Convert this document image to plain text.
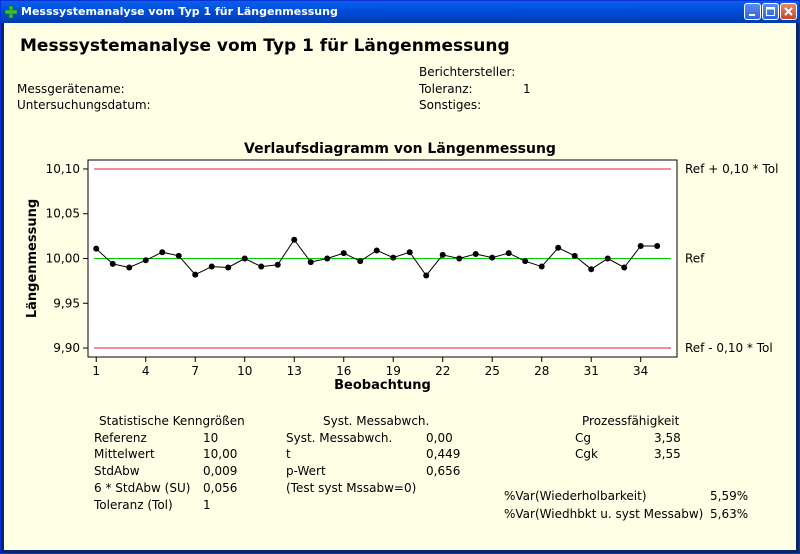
Messsystemanalyse vom Typ 1 für Längenmessung
Messsystemanalyse vom Typ 1 für Längenmessung
Berichtersteller:
Messgerätename:	Toleranz:	1
Untersuchungsdatum:	Sonstiges:
Verlaufsdiagramm von Längenmessung
Ref + 0,10 * Tol
Ref
Ref - 0,10 * Tol
9,90
9,95
10,00
10,05
10,10
1	4	7	10	13	16	19	22	25	28	31	34
Beobachtung
Längenmessung
Statistische Kenngrößen
Referenz	10
Mittelwert	10,00
StdAbw	0,009
6 * StdAbw (SU) 0,056
Toleranz (Tol)	1
Syst. Messabwch.
Syst. Messabwch.	0,00
t	0,449
p-Wert	0,656
(Test syst Mssabw=0)
Prozessfähigkeit
Cg	3,58
Cgk	3,55
%Var(Wiederholbarkeit)	5,59%
%Var(Wiedhbkt u. syst Messabw) 5,63%
